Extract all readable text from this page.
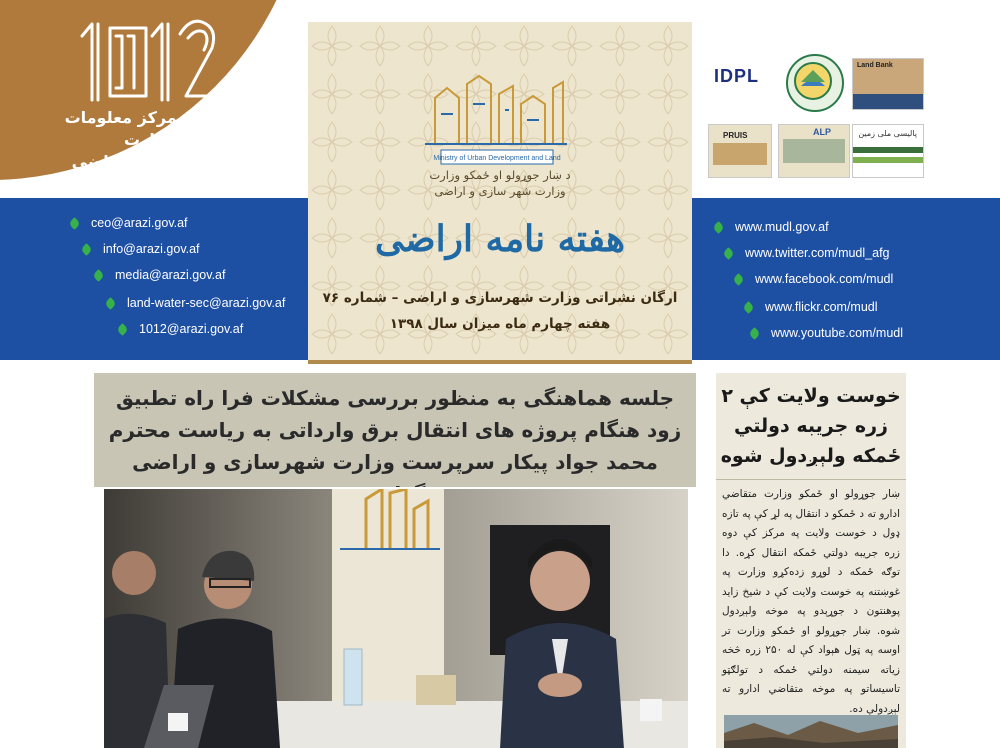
شماره مرکز معلومات وزارت
شهرسازی و اراضی
ceo@arazi.gov.af
info@arazi.gov.af
media@arazi.gov.af
land-water-sec@arazi.gov.af
1012@arazi.gov.af
Ministry of Urban Development and Land
د ښار جوړولو او ځمکو وزارت
وزارت شهر سازی و اراضی
هفته نامه اراضی
ارگان نشراتی وزارت شهرسازی و اراضی – شماره ۷۶
هفته چهارم ماه میزان سال ۱۳۹۸
IDPL
Land Bank
PRUIS	ALP	پالیسی ملی زمین
www.mudl.gov.af
www.twitter.com/mudl_afg
www.facebook.com/mudl
www.flickr.com/mudl
www.youtube.com/mudl
جلسه هماهنگی به منظور بررسی مشکلات فرا راه تطبیق زود هنگام پروژه های انتقال برق وارداتی به ریاست محترم محمد جواد پیکار سرپرست وزارت شهرسازی و اراضی
خوست ولایت کې ۲ زره جریبه دولتي ځمکه ولېږدول شوه
ښار جوړولو او ځمکو وزارت متقاضي ادارو ته د ځمکو د انتقال په لړ کې په تازه ډول د خوست ولایت په مرکز کې دوه زره جریبه دولتي ځمکه انتقال کړه. دا توګه ځمکه د لوړو زده‌کړو وزارت په غوښتنه په خوست ولایت کې د شیخ زاید پوهنتون د جوړېدو په موخه ولېږدول شوه. ښار جوړولو او ځمکو وزارت تر اوسه په ټول هېواد کې له ۲۵۰ زره څخه زیاته سیمنه دولتي ځمکه د تولګټو تاسیساتو په موخه متقاضي ادارو ته لېږدولې ده.
